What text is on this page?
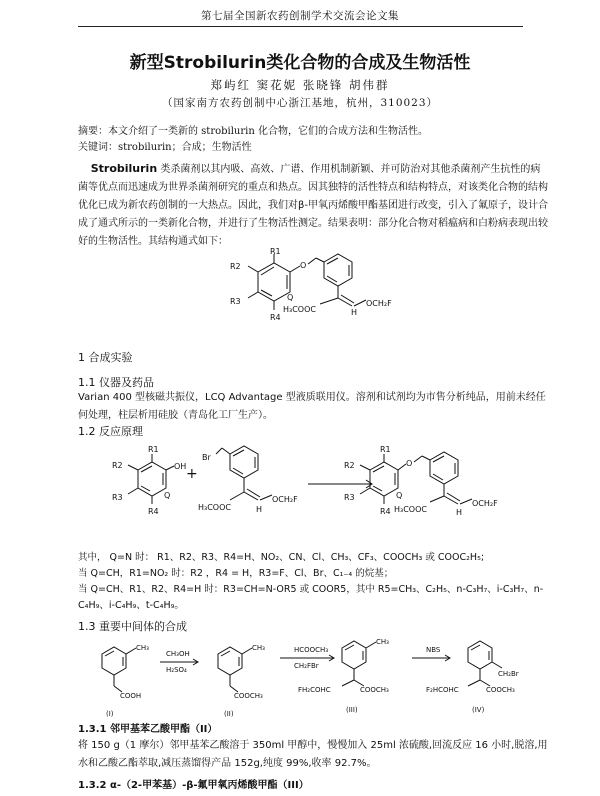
第七届全国新农药创制学术交流会论文集
新型Strobilurin类化合物的合成及生物活性
郑屿红 窦花妮 张晓锋 胡伟群
（国家南方农药创制中心浙江基地，杭州，310023）
摘要：本文介绍了一类新的 strobilurin 化合物，它们的合成方法和生物活性。
关键词：strobilurin；合成；生物活性
Strobilurin 类杀菌剂以其内吸、高效、广谱、作用机制新颖、并可防治对其他杀菌剂产生抗性的病菌等优点而迅速成为世界杀菌剂研究的重点和热点。因其独特的活性特点和结构特点，对该类化合物的结构优化已成为新农药创制的一大热点。因此，我们对β-甲氧丙烯酸甲酯基团进行改变，引入了氟原子，设计合成了通式所示的一类新化合物，并进行了生物活性测定。结果表明：部分化合物对稻瘟病和白粉病表现出较好的生物活性。其结构通式如下：
R1
R2
R3
R4
Q
O
H₃COOC	H
OCH₂F
1 合成实验
1.1 仪器及药品
Varian 400 型核磁共振仪，LCQ Advantage 型液质联用仪。溶剂和试剂均为市售分析纯品，用前未经任何处理，柱层析用硅胶（青岛化工厂生产）。
1.2 反应原理
R1
R2
R3
R4
Q
OH +
Br
H₃COOC	H
OCH₂F
R1
R2
R3
R4
Q
O
H₃COOC	H
OCH₂F
其中， Q=N 时： R1、R2、R3、R4=H、NO₂、CN、Cl、CH₃、CF₃、COOCH₃ 或 COOC₂H₅;
当 Q=CH，R1=NO₂ 时：R2 ，R4 = H，R3=F、Cl、Br、C₁₋₄ 的烷基；
当 Q=CH、R1、R2、R4=H 时：R3=CH=N-OR5 或 COOR5，其中 R5=CH₃、C₂H₅、n-C₃H₇、i-C₃H₇、n-C₄H₉、i-C₄H₉、t-C₄H₉。
1.3 重要中间体的合成
CH₃
COOH
(I)
CH₃OH
H₂SO₄
CH₃
COOCH₃
(II)
HCOOCH₃
CH₂FBr
CH₃
FH₂COHC	COOCH₃
(III)
NBS
CH₂Br
F₂HCOHC	COOCH₃
(IV)
1.3.1 邻甲基苯乙酸甲酯（II）
将 150 g（1 摩尔）邻甲基苯乙酸溶于 350ml 甲醇中，慢慢加入 25ml 浓硫酸,回流反应 16 小时,脱溶,用水和乙酸乙酯萃取,减压蒸馏得产品 152g,纯度 99%,收率 92.7%。
1.3.2 α-（2-甲苯基）-β-氟甲氧丙烯酸甲酯（III）
